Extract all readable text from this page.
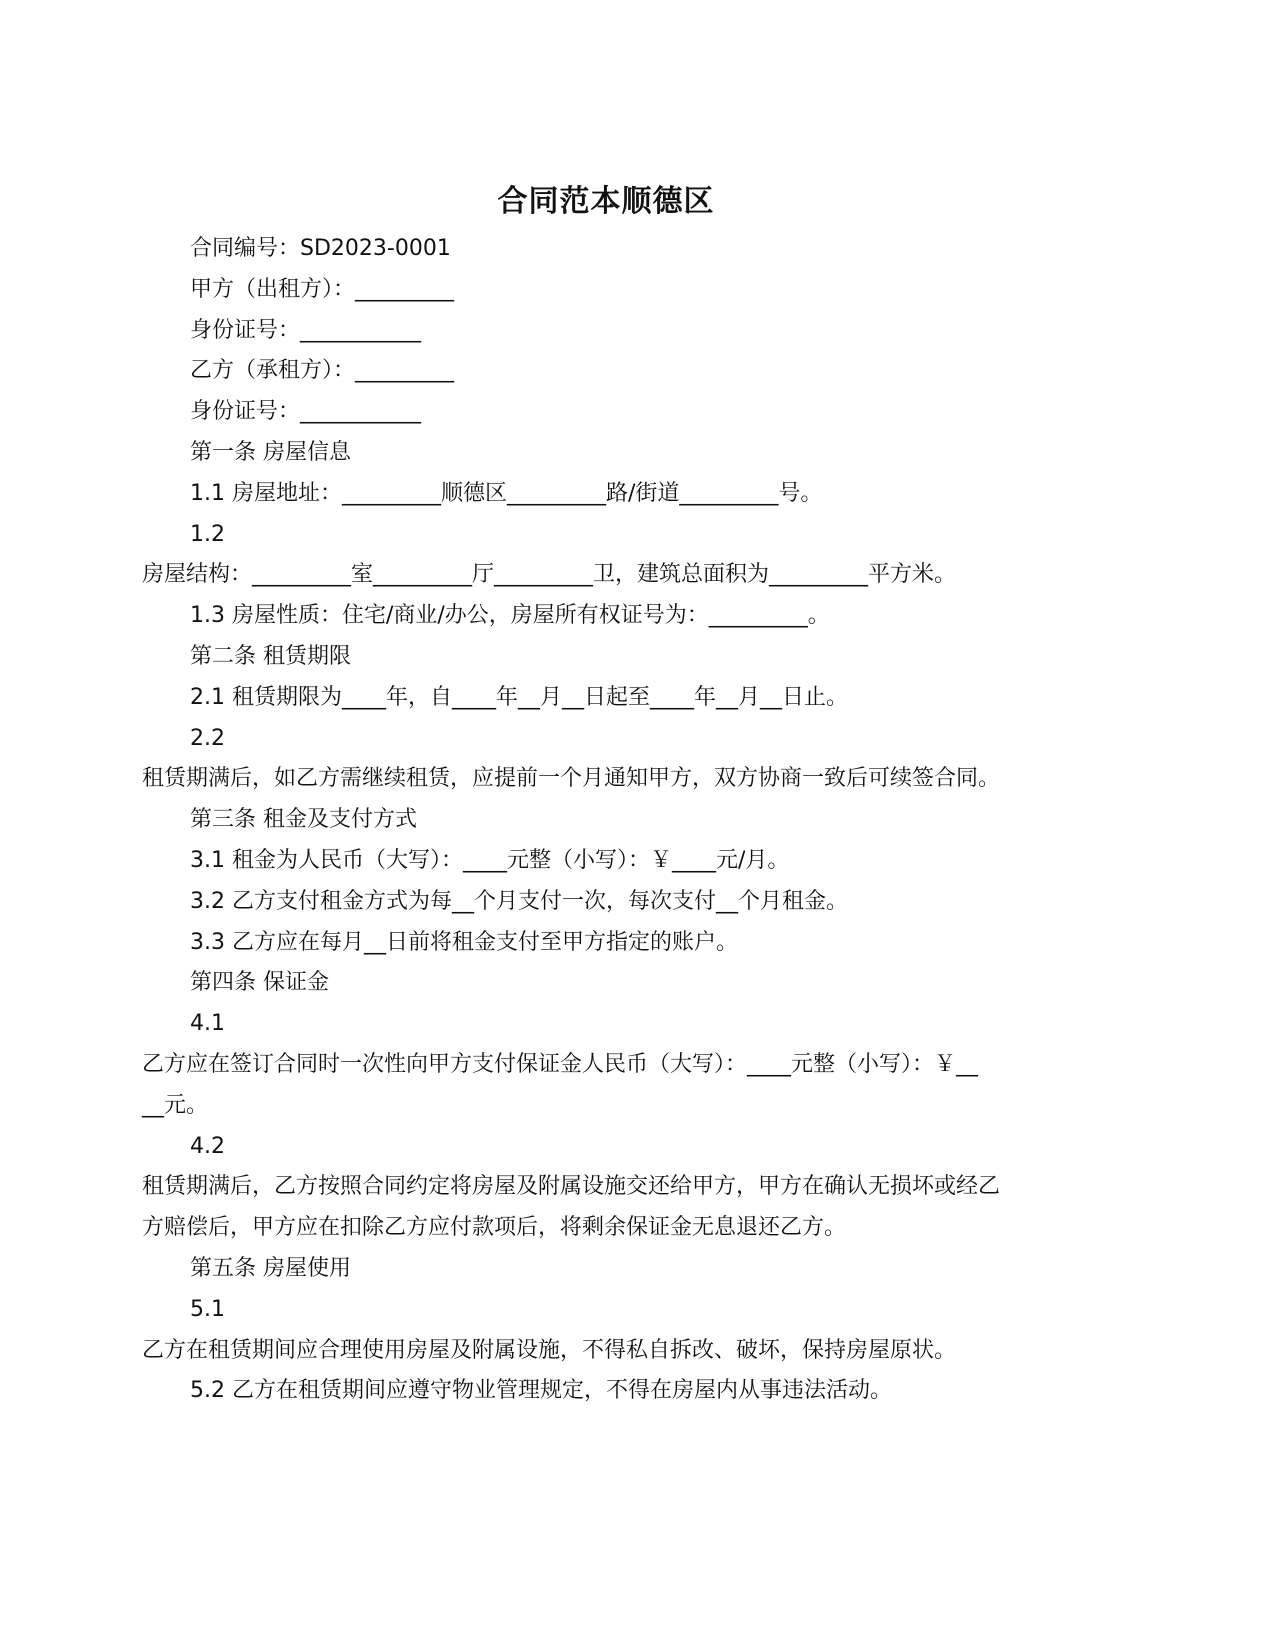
合同范本顺德区
合同编号：SD2023-0001
甲方（出租方）：_________
身份证号：___________
乙方（承租方）：_________
身份证号：___________
第一条 房屋信息
1.1 房屋地址：_________顺德区_________路/街道_________号。
1.2
房屋结构：_________室_________厅_________卫，建筑总面积为_________平方米。
1.3 房屋性质：住宅/商业/办公，房屋所有权证号为：_________。
第二条 租赁期限
2.1 租赁期限为____年，自____年__月__日起至____年__月__日止。
2.2
租赁期满后，如乙方需继续租赁，应提前一个月通知甲方，双方协商一致后可续签合同。
第三条 租金及支付方式
3.1 租金为人民币（大写）：____元整（小写）：￥____元/月。
3.2 乙方支付租金方式为每__个月支付一次，每次支付__个月租金。
3.3 乙方应在每月__日前将租金支付至甲方指定的账户。
第四条 保证金
4.1
乙方应在签订合同时一次性向甲方支付保证金人民币（大写）：____元整（小写）：￥__
__元。
4.2
租赁期满后，乙方按照合同约定将房屋及附属设施交还给甲方，甲方在确认无损坏或经乙
方赔偿后，甲方应在扣除乙方应付款项后，将剩余保证金无息退还乙方。
第五条 房屋使用
5.1
乙方在租赁期间应合理使用房屋及附属设施，不得私自拆改、破坏，保持房屋原状。
5.2 乙方在租赁期间应遵守物业管理规定，不得在房屋内从事违法活动。
